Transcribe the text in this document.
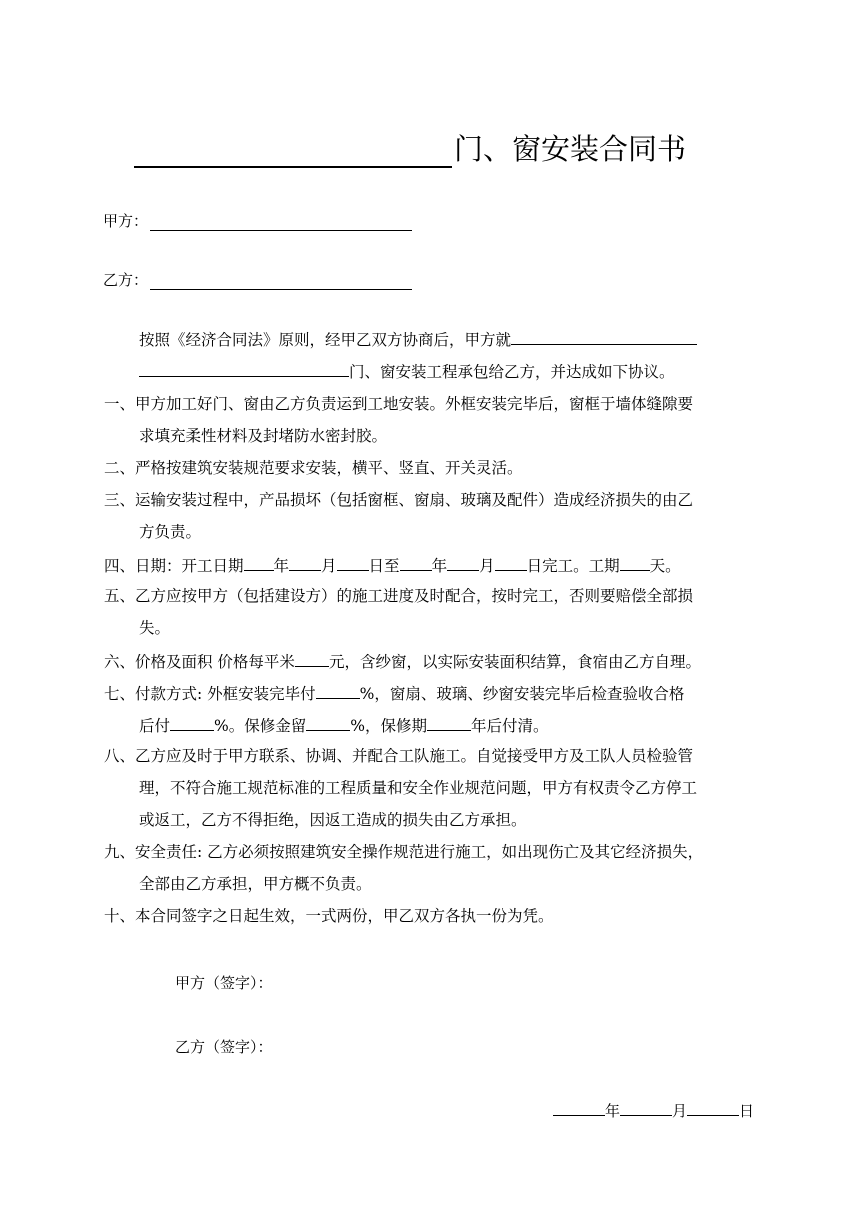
门、窗安装合同书
甲方：
乙方：
按照《经济合同法》原则，经甲乙双方协商后，甲方就
门、窗安装工程承包给乙方，并达成如下协议。
一、甲方加工好门、窗由乙方负责运到工地安装。外框安装完毕后，窗框于墙体缝隙要
求填充柔性材料及封堵防水密封胶。
二、严格按建筑安装规范要求安装，横平、竖直、开关灵活。
三、运输安装过程中，产品损坏（包括窗框、窗扇、玻璃及配件）造成经济损失的由乙
方负责。
四、日期：开工日期 年 月 日至 年 月 日完工。工期 天。
五、乙方应按甲方（包括建设方）的施工进度及时配合，按时完工，否则要赔偿全部损
失。
六、价格及面积 价格每平米 元，含纱窗，以实际安装面积结算，食宿由乙方自理。
七、付款方式: 外框安装完毕付	%，窗扇、玻璃、纱窗安装完毕后检查验收合格
后付	%。保修金留	%，保修期	年后付清。
八、乙方应及时于甲方联系、协调、并配合工队施工。自觉接受甲方及工队人员检验管
理，不符合施工规范标准的工程质量和安全作业规范问题，甲方有权责令乙方停工
或返工，乙方不得拒绝，因返工造成的损失由乙方承担。
九、安全责任: 乙方必须按照建筑安全操作规范进行施工，如出现伤亡及其它经济损失，
全部由乙方承担，甲方概不负责。
十、本合同签字之日起生效，一式两份，甲乙双方各执一份为凭。
甲方（签字）：
乙方（签字）：
年	月	日
